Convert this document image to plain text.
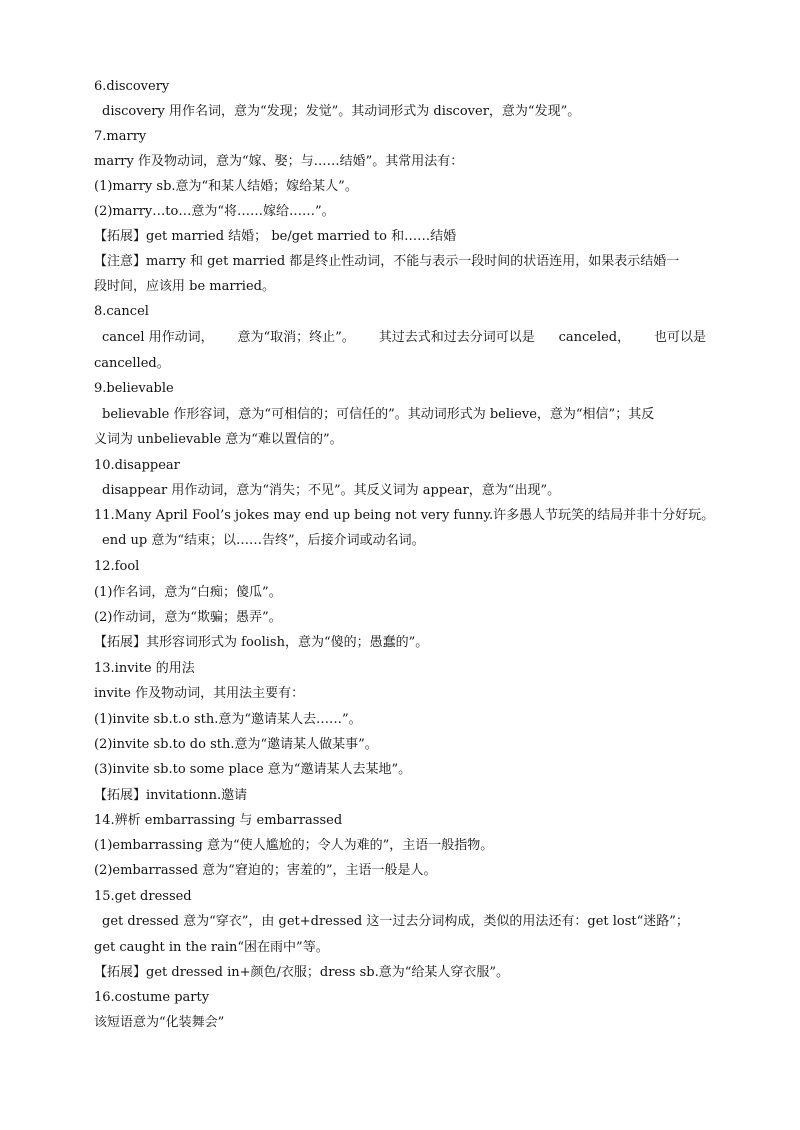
6.discovery
discovery 用作名词，意为“发现；发觉”。其动词形式为 discover，意为“发现”。
7.marry
marry 作及物动词，意为“嫁、娶；与……结婚”。其常用法有：
(1)marry sb.意为“和某人结婚；嫁给某人”。
(2)marry…to…意为“将……嫁给……”。
【拓展】get married 结婚； be/get married to 和……结婚
【注意】marry 和 get married 都是终止性动词，不能与表示一段时间的状语连用，如果表示结婚一
段时间，应该用 be married。
8.cancel
cancel 用作动词， 意为“取消；终止”。 其过去式和过去分词可以是 canceled， 也可以是
cancelled。
9.believable
believable 作形容词，意为“可相信的；可信任的”。其动词形式为 believe，意为“相信”；其反
义词为 unbelievable 意为“难以置信的”。
10.disappear
disappear 用作动词，意为“消失；不见”。其反义词为 appear，意为“出现”。
11.Many April Fool’s jokes may end up being not very funny.许多愚人节玩笑的结局并非十分好玩。
end up 意为“结束；以……告终”，后接介词或动名词。
12.fool
(1)作名词，意为“白痴；傻瓜”。
(2)作动词，意为“欺骗；愚弄”。
【拓展】其形容词形式为 foolish，意为“傻的；愚蠢的”。
13.invite 的用法
invite 作及物动词，其用法主要有：
(1)invite sb.t.o sth.意为“邀请某人去……”。
(2)invite sb.to do sth.意为“邀请某人做某事”。
(3)invite sb.to some place 意为“邀请某人去某地”。
【拓展】invitationn.邀请
14.辨析 embarrassing 与 embarrassed
(1)embarrassing 意为“使人尴尬的；令人为难的”，主语一般指物。
(2)embarrassed 意为“窘迫的；害羞的”，主语一般是人。
15.get dressed
get dressed 意为“穿衣”，由 get+dressed 这一过去分词构成，类似的用法还有：get lost“迷路”；
get caught in the rain“困在雨中”等。
【拓展】get dressed in+颜色/衣服；dress sb.意为“给某人穿衣服”。
16.costume party
该短语意为“化装舞会”
